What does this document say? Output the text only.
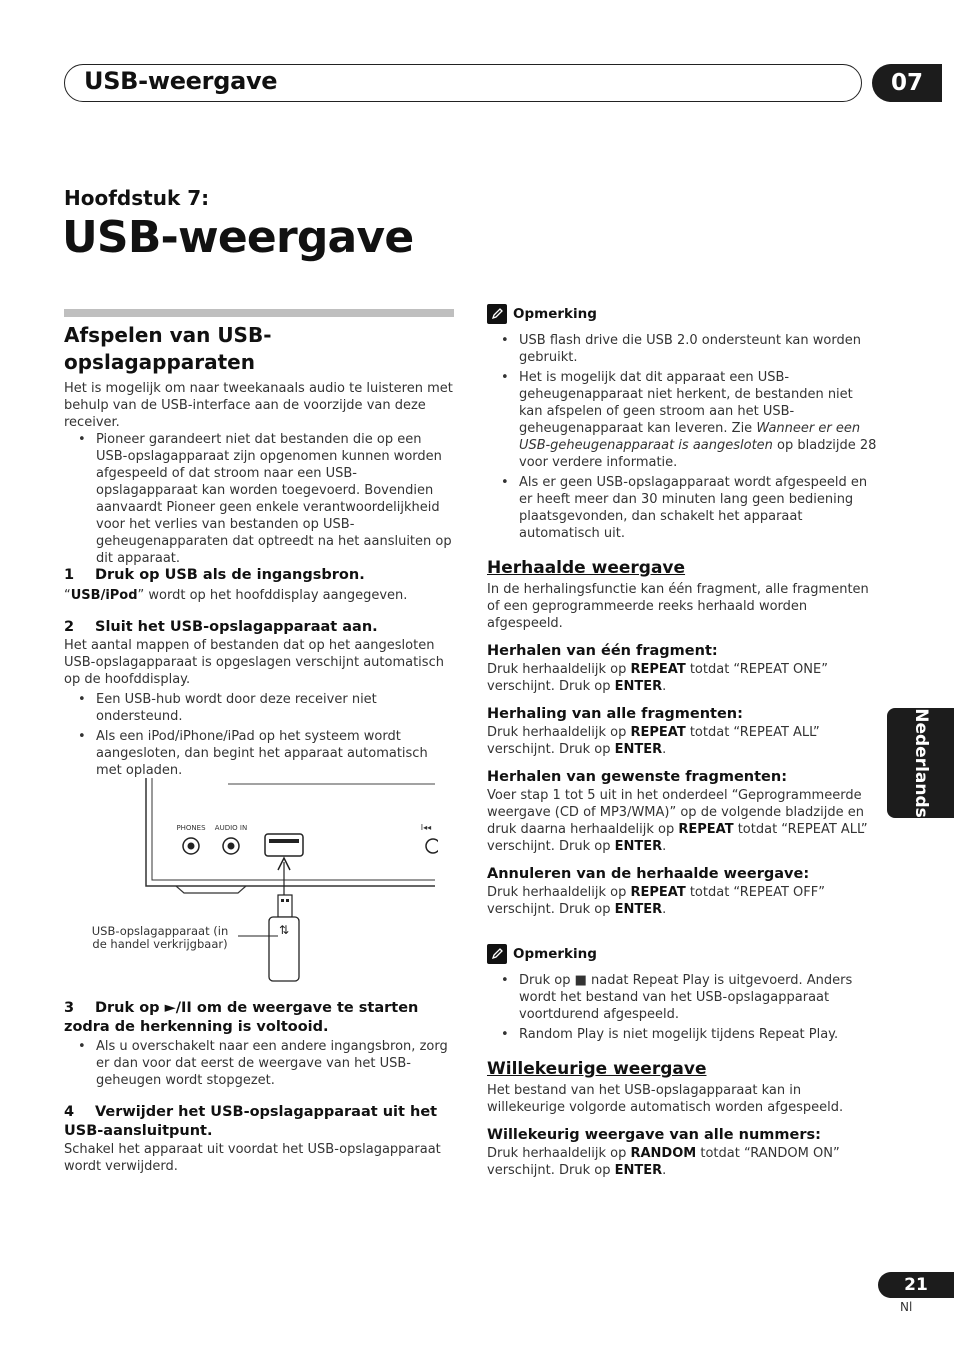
USB-weergave	07
Hoofdstuk 7:
USB-weergave
Afspelen van USB-opslagapparaten
Het is mogelijk om naar tweekanaals audio te luisteren met behulp van de USB-interface aan de voorzijde van deze receiver.
• Pioneer garandeert niet dat bestanden die op een USB-opslagapparaat zijn opgenomen kunnen worden afgespeeld of dat stroom naar een USB-opslagapparaat kan worden toegevoerd. Bovendien aanvaardt Pioneer geen enkele verantwoordelijkheid voor het verlies van bestanden op USB-geheugenapparaten dat optreedt na het aansluiten op dit apparaat.
1 Druk op USB als de ingangsbron.
“USB/iPod” wordt op het hoofddisplay aangegeven.
2 Sluit het USB-opslagapparaat aan.
Het aantal mappen of bestanden dat op het aangesloten USB-opslagapparaat is opgeslagen verschijnt automatisch op de hoofddisplay.
• Een USB-hub wordt door deze receiver niet ondersteund.
• Als een iPod/iPhone/iPad op het systeem wordt aangesloten, dan begint het apparaat automatisch met opladen.
PHONES AUDIO IN	I◂◂
⇅
USB-opslagapparaat (in
de handel verkrijgbaar)
3 Druk op ►/II om de weergave te starten zodra de herkenning is voltooid.
• Als u overschakelt naar een andere ingangsbron, zorg er dan voor dat eerst de weergave van het USB-geheugen wordt stopgezet.
4 Verwijder het USB-opslagapparaat uit het USB-aansluitpunt.
Schakel het apparaat uit voordat het USB-opslagapparaat wordt verwijderd.
Opmerking
• USB flash drive die USB 2.0 ondersteunt kan worden gebruikt.
• Het is mogelijk dat dit apparaat een USB-geheugenapparaat niet herkent, de bestanden niet kan afspelen of geen stroom aan het USB-geheugenapparaat kan leveren. Zie Wanneer er een USB-geheugenapparaat is aangesloten op bladzijde 28 voor verdere informatie.
• Als er geen USB-opslagapparaat wordt afgespeeld en er heeft meer dan 30 minuten lang geen bediening plaatsgevonden, dan schakelt het apparaat automatisch uit.
Herhaalde weergave
In de herhalingsfunctie kan één fragment, alle fragmenten of een geprogrammeerde reeks herhaald worden afgespeeld.
Herhalen van één fragment:
Druk herhaaldelijk op REPEAT totdat “REPEAT ONE” verschijnt. Druk op ENTER.
Herhaling van alle fragmenten:
Druk herhaaldelijk op REPEAT totdat “REPEAT ALL” verschijnt. Druk op ENTER.
Herhalen van gewenste fragmenten:
Voer stap 1 tot 5 uit in het onderdeel “Geprogrammeerde weergave (CD of MP3/WMA)” op de volgende bladzijde en druk daarna herhaaldelijk op REPEAT totdat “REPEAT ALL” verschijnt. Druk op ENTER.
Annuleren van de herhaalde weergave:
Druk herhaaldelijk op REPEAT totdat “REPEAT OFF” verschijnt. Druk op ENTER.
Opmerking
• Druk op ■ nadat Repeat Play is uitgevoerd. Anders wordt het bestand van het USB-opslagapparaat voortdurend afgespeeld.
• Random Play is niet mogelijk tijdens Repeat Play.
Willekeurige weergave
Het bestand van het USB-opslagapparaat kan in willekeurige volgorde automatisch worden afgespeeld.
Willekeurig weergave van alle nummers:
Druk herhaaldelijk op RANDOM totdat “RANDOM ON” verschijnt. Druk op ENTER.
Nederlands
21
Nl
